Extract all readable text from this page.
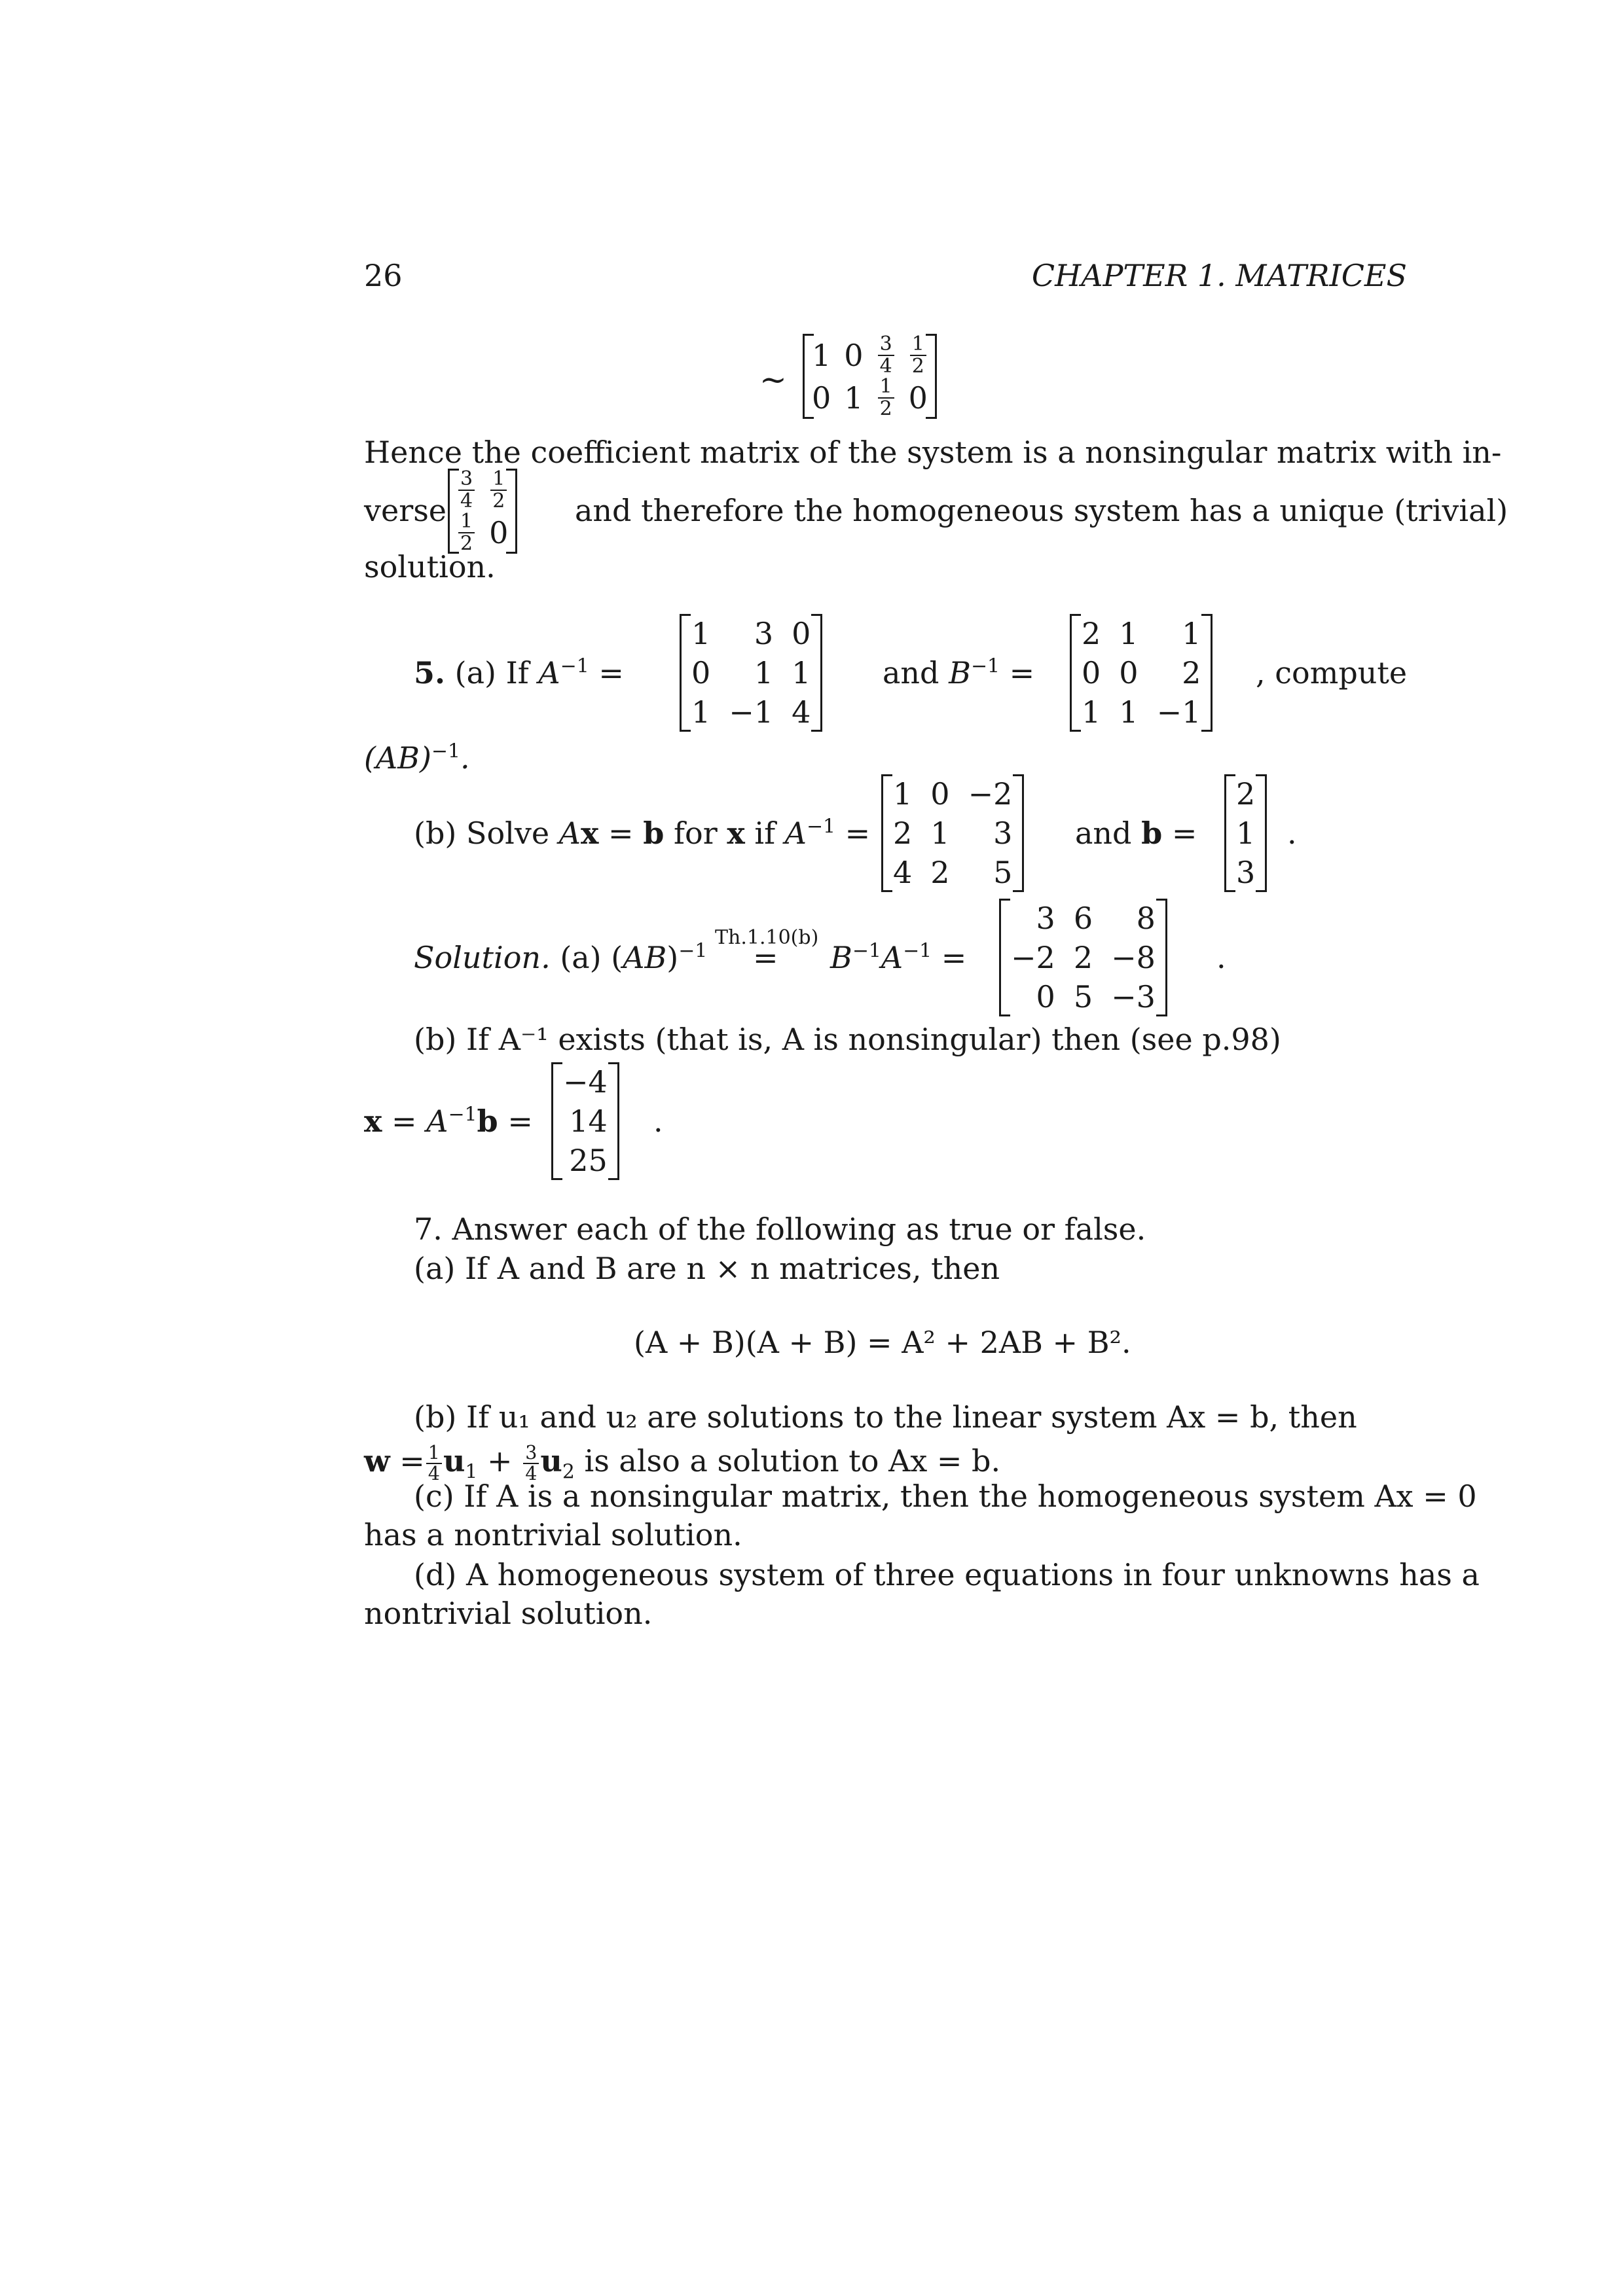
26	CHAPTER 1. MATRICES
~
1	0	$\frac{3}{4}$	$\frac{1}{2}$

0	1	$\frac{1}{2}$	0
Hence the coefficient matrix of the system is a nonsingular matrix with in-
verse $\frac{3}{4}$	$\frac{1}{2}$

$\frac{1}{2}$	0
and therefore the homogeneous system has a unique (trivial)
solution.
5. (a) If $A^{-1}$ =
1	3	0
0	1	1
1	−1	4
and $B^{-1}$ =
2	1	1
0	0	2
1	1	−1
, compute
(AB)$^{-1}$.
(b) Solve Ax = b for x if $A^{-1}$ =
1	0	−2
2	1	3
4	2	5
and b =
2
1
3
.
Solution. (a) (AB)$^{-1}$
Th.1.10(b)
= $B^{-1}A^{-1}$ =
3	6	8
−2	2	−8
0	5	−3
.
(b) If A⁻¹ exists (that is, A is nonsingular) then (see p.98)
$x = A^{-1}b$ =
−4
14
25
.
7. Answer each of the following as true or false.
(a) If A and B are n × n matrices, then
(A + B)(A + B) = A² + 2AB + B².
(b) If u₁ and u₂ are solutions to the linear system Ax = b, then
$w = \frac{1}{4} u_1 + \frac{3}{4} u_2$ is also a solution to Ax = b.
(c) If A is a nonsingular matrix, then the homogeneous system Ax = 0
has a nontrivial solution.
(d) A homogeneous system of three equations in four unknowns has a
nontrivial solution.
